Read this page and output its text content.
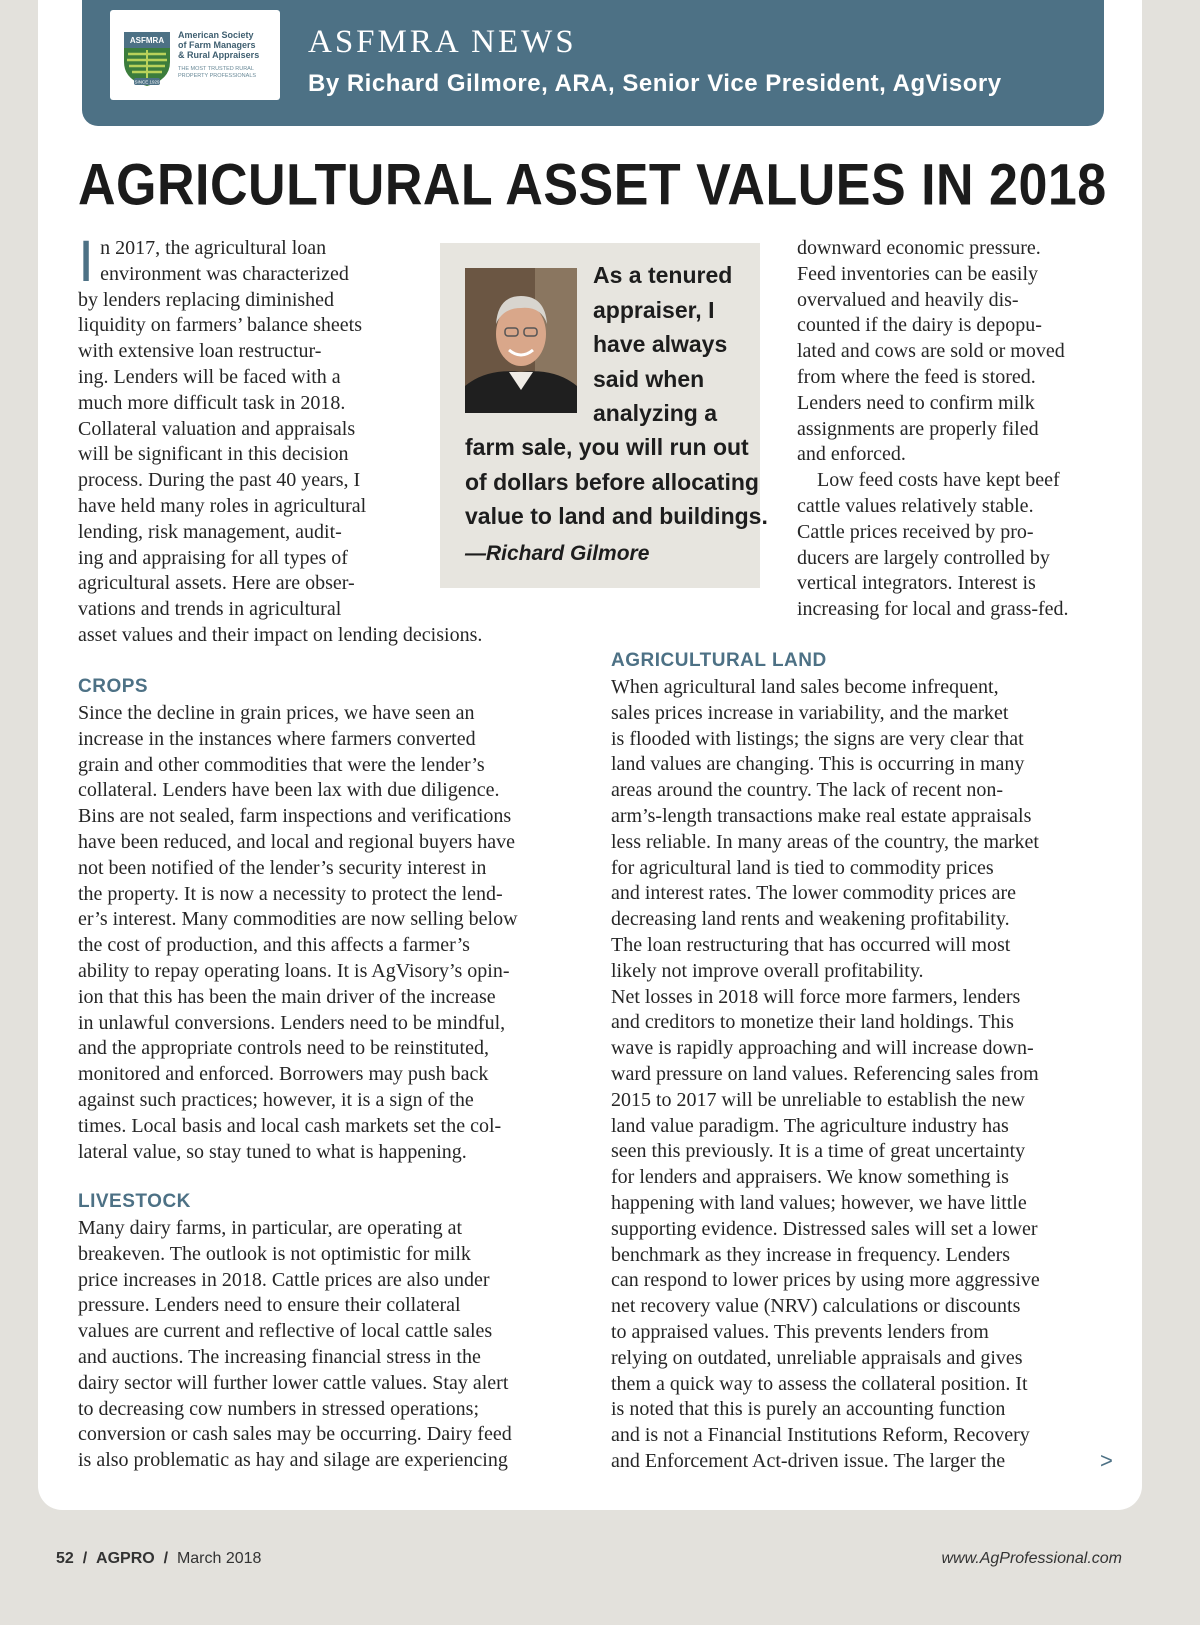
ASFMRA
SINCE 1929
American Society
of Farm Managers
& Rural Appraisers
THE MOST TRUSTED RURAL
PROPERTY PROFESSIONALS
ASFMRA NEWS
By Richard Gilmore, ARA, Senior Vice President, AgVisory
AGRICULTURAL ASSET VALUES IN 2018
I n 2017, the agricultural loan
environment was characterized
by lenders replacing diminished
liquidity on farmers’ balance sheets
with extensive loan restructur-
ing. Lenders will be faced with a
much more difficult task in 2018.
Collateral valuation and appraisals
will be significant in this decision
process. During the past 40 years, I
have held many roles in agricultural
lending, risk management, audit-
ing and appraising for all types of
agricultural assets. Here are obser-
vations and trends in agricultural
asset values and their impact on lending decisions.
As a tenured
appraiser, I
have always
said when
analyzing a
farm sale, you will run out
of dollars before allocating
value to land and buildings.
—Richard Gilmore
downward economic pressure.
Feed inventories can be easily
overvalued and heavily dis-
counted if the dairy is depopu-
lated and cows are sold or moved
from where the feed is stored.
Lenders need to confirm milk
assignments are properly filed
and enforced.
Low feed costs have kept beef
cattle values relatively stable.
Cattle prices received by pro-
ducers are largely controlled by
vertical integrators. Interest is
increasing for local and grass-fed.
CROPS
Since the decline in grain prices, we have seen an
increase in the instances where farmers converted
grain and other commodities that were the lender’s
collateral. Lenders have been lax with due diligence.
Bins are not sealed, farm inspections and verifications
have been reduced, and local and regional buyers have
not been notified of the lender’s security interest in
the property. It is now a necessity to protect the lend-
er’s interest. Many commodities are now selling below
the cost of production, and this affects a farmer’s
ability to repay operating loans. It is AgVisory’s opin-
ion that this has been the main driver of the increase
in unlawful conversions. Lenders need to be mindful,
and the appropriate controls need to be reinstituted,
monitored and enforced. Borrowers may push back
against such practices; however, it is a sign of the
times. Local basis and local cash markets set the col-
lateral value, so stay tuned to what is happening.
LIVESTOCK
Many dairy farms, in particular, are operating at
breakeven. The outlook is not optimistic for milk
price increases in 2018. Cattle prices are also under
pressure. Lenders need to ensure their collateral
values are current and reflective of local cattle sales
and auctions. The increasing financial stress in the
dairy sector will further lower cattle values. Stay alert
to decreasing cow numbers in stressed operations;
conversion or cash sales may be occurring. Dairy feed
is also problematic as hay and silage are experiencing
AGRICULTURAL LAND
When agricultural land sales become infrequent,
sales prices increase in variability, and the market
is flooded with listings; the signs are very clear that
land values are changing. This is occurring in many
areas around the country. The lack of recent non-
arm’s-length transactions make real estate appraisals
less reliable. In many areas of the country, the market
for agricultural land is tied to commodity prices
and interest rates. The lower commodity prices are
decreasing land rents and weakening profitability.
The loan restructuring that has occurred will most
likely not improve overall profitability.
Net losses in 2018 will force more farmers, lenders
and creditors to monetize their land holdings. This
wave is rapidly approaching and will increase down-
ward pressure on land values. Referencing sales from
2015 to 2017 will be unreliable to establish the new
land value paradigm. The agriculture industry has
seen this previously. It is a time of great uncertainty
for lenders and appraisers. We know something is
happening with land values; however, we have little
supporting evidence. Distressed sales will set a lower
benchmark as they increase in frequency. Lenders
can respond to lower prices by using more aggressive
net recovery value (NRV) calculations or discounts
to appraised values. This prevents lenders from
relying on outdated, unreliable appraisals and gives
them a quick way to assess the collateral position. It
is noted that this is purely an accounting function
and is not a Financial Institutions Reform, Recovery
and Enforcement Act-driven issue. The larger the	>
52 / AGPRO / March 2018	www.AgProfessional.com
